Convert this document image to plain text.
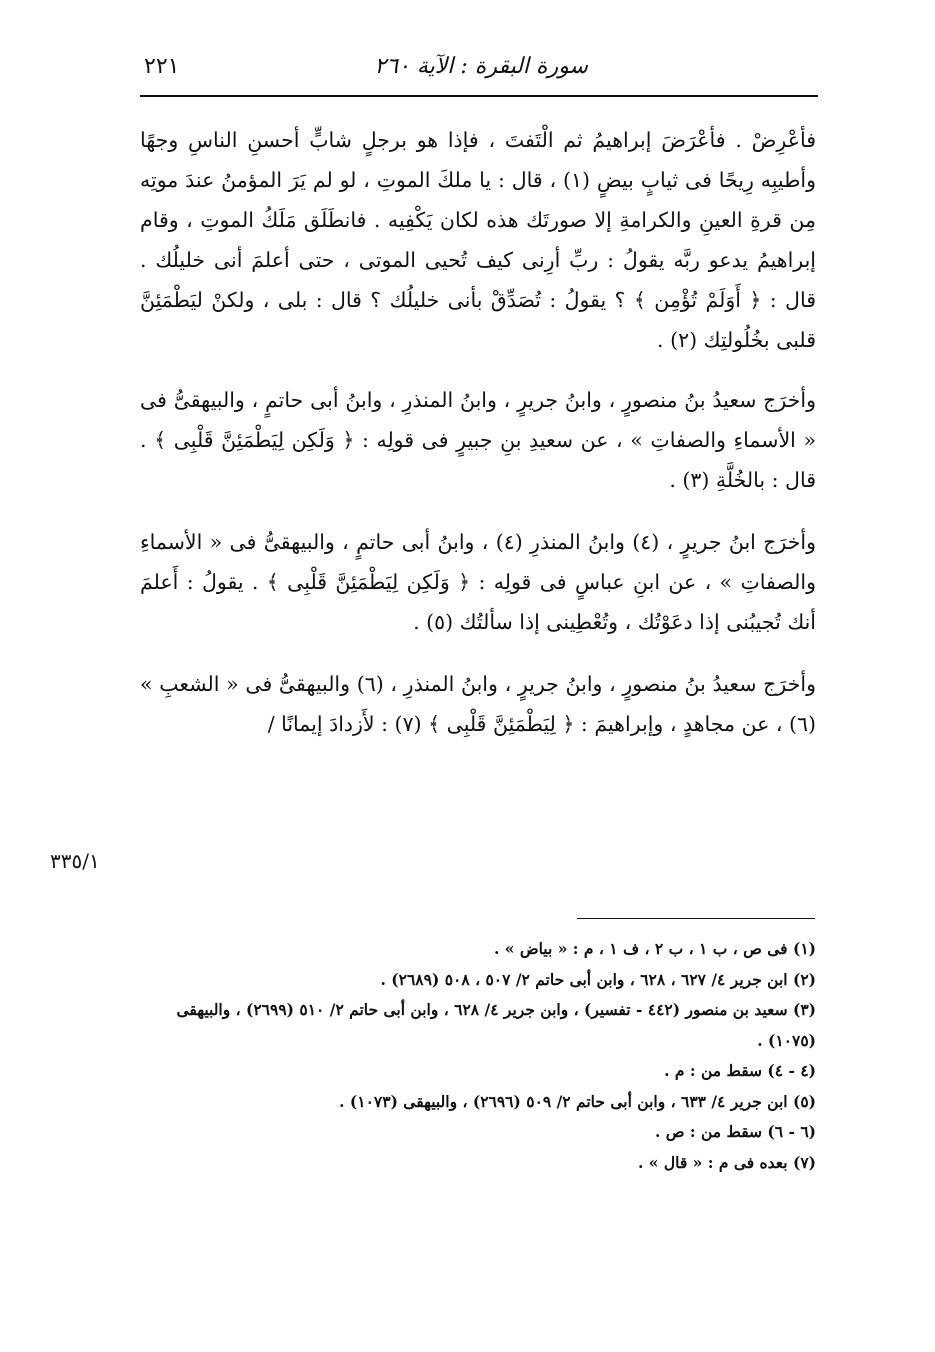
سورة البقرة : الآية ٢٦٠
٢٢١

فأعْرِضْ . فأعْرَضَ إبراهيمُ ثم الْتَفتَ ، فإذا هو برجلٍ شابٍّ أحسنِ الناسِ وجهًا وأطيبِه رِيحًا فى ثيابٍ بيضٍ (١) ، قال : يا ملكَ الموتِ ، لو لم يَرَ المؤمنُ عندَ موتِه مِن قرةِ العينِ والكرامةِ إلا صورتَك هذه لكان يَكْفِيه . فانطَلَق مَلَكُ الموتِ ، وقام إبراهيمُ يدعو ربَّه يقولُ : ربِّ أرِنى كيف تُحيى الموتى ، حتى أعلمَ أنى خليلُك . قال : ﴿ أَوَلَمْ تُؤْمِن ﴾ ؟ يقولُ : تُصَدِّقْ بأنى خليلُك ؟ قال : بلى ، ولكنْ ليَطْمَئِنَّ قلبى بخُلُولتِك (٢) .

وأخرَج سعيدُ بنُ منصورٍ ، وابنُ جريرٍ ، وابنُ المنذرِ ، وابنُ أبى حاتمٍ ، والبيهقىُّ فى « الأسماءِ والصفاتِ » ، عن سعيدِ بنِ جبيرٍ فى قولِه : ﴿ وَلَكِن لِيَطْمَئِنَّ قَلْبِى ﴾ . قال : بالخُلَّةِ (٣) .

وأخرَج ابنُ جريرٍ ، (٤) وابنُ المنذرِ (٤) ، وابنُ أبى حاتمٍ ، والبيهقىُّ فى « الأسماءِ والصفاتِ » ، عن ابنِ عباسٍ فى قولِه : ﴿ وَلَكِن لِيَطْمَئِنَّ قَلْبِى ﴾ . يقولُ : أَعلمَ أنك تُجيبُنى إذا دعَوْتُك ، وتُعْطِينى إذا سألتُك (٥) .

وأخرَج سعيدُ بنُ منصورٍ ، وابنُ جريرٍ ، وابنُ المنذرِ ، (٦) والبيهقىُّ فى « الشعبِ » (٦) ، عن مجاهدٍ ، وإبراهيمَ : ﴿ لِيَطْمَئِنَّ قَلْبِى ﴾ (٧) : لأَزدادَ إيمانًا /

٣٣٥/١

(١) فى ص ، ب ١ ، ب ٢ ، ف ١ ، م : « بياض » .

(٢) ابن جرير ٤/ ٦٢٧ ، ٦٢٨ ، وابن أبى حاتم ٢/ ٥٠٧ ، ٥٠٨ (٢٦٨٩) .

(٣) سعيد بن منصور (٤٤٢ - تفسير) ، وابن جرير ٤/ ٦٢٨ ، وابن أبى حاتم ٢/ ٥١٠ (٢٦٩٩) ، والبيهقى (١٠٧٥) .

(٤ - ٤) سقط من : م .

(٥) ابن جرير ٤/ ٦٣٣ ، وابن أبى حاتم ٢/ ٥٠٩ (٢٦٩٦) ، والبيهقى (١٠٧٣) .

(٦ - ٦) سقط من : ص .

(٧) بعده فى م : « قال » .
